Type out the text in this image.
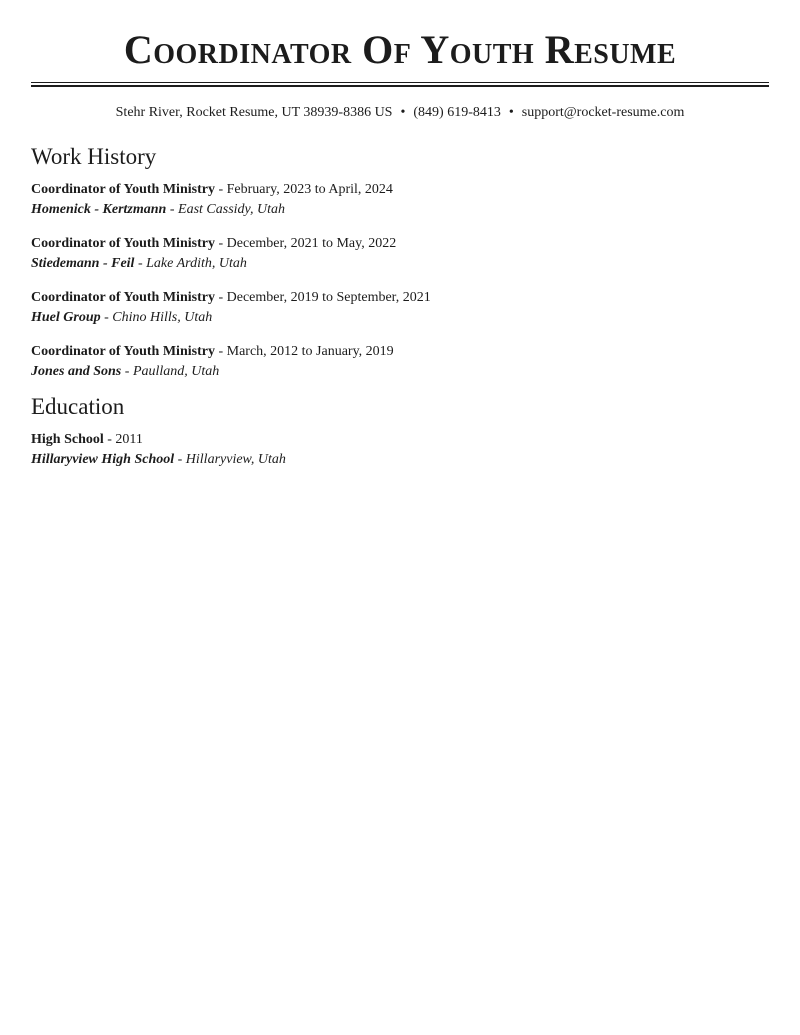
Coordinator Of Youth Resume
Stehr River, Rocket Resume, UT 38939-8386 US • (849) 619-8413 • support@rocket-resume.com
Work History
Coordinator of Youth Ministry - February, 2023 to April, 2024
Homenick - Kertzmann - East Cassidy, Utah
Coordinator of Youth Ministry - December, 2021 to May, 2022
Stiedemann - Feil - Lake Ardith, Utah
Coordinator of Youth Ministry - December, 2019 to September, 2021
Huel Group - Chino Hills, Utah
Coordinator of Youth Ministry - March, 2012 to January, 2019
Jones and Sons - Paulland, Utah
Education
High School - 2011
Hillaryview High School - Hillaryview, Utah
